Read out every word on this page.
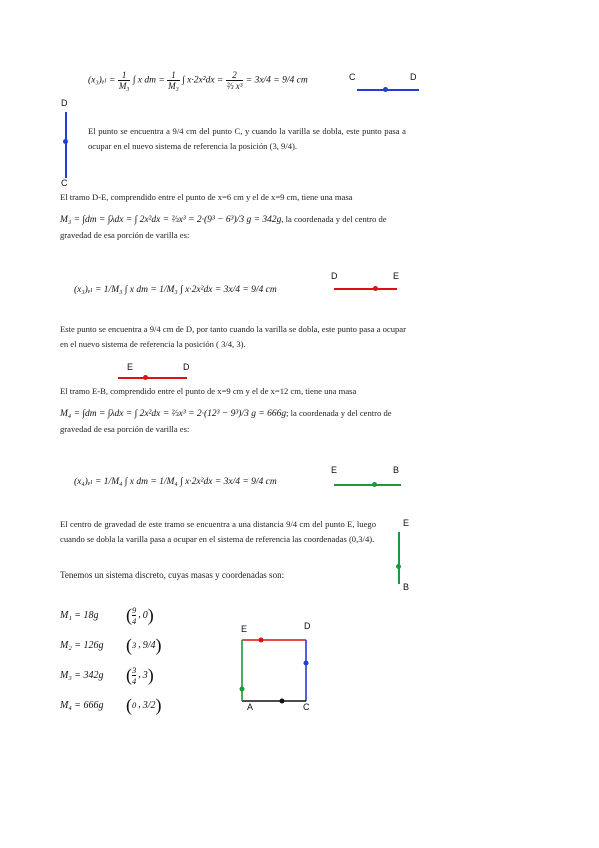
$(x_3)_{el} = \frac{1}{\text{M₃}}$ ∫ x dm = $\frac{1}{\text{M₃}}$ ∫ $x\cdot 2x^2dx = \frac{2}{\text{⅔ x³}} = 3x/4 = 9/4$ cm	C	D
D
C
El punto se encuentra a 9/4 cm del punto C, y cuando la varilla se dobla, este punto pasa a ocupar en el nuevo sistema de referencia la posición (3, 9/4).
El tramo D-E, comprendido entre el punto de x=6 cm y el de x=9 cm, tiene una masa
M₃ = ∫dm = ∫λdx = ∫ 2x²dx = ⅔x³ = 2·(9³ − 6³)/3 g = 342g, la coordenada y del centro de gravedad de esa porción de varilla es:
(x₃)ₑₗ = 1/M₃ ∫ x dm = 1/M₃ ∫ x·2x²dx = 3x/4 = 9/4 cm
D	E
Este punto se encuentra a 9/4 cm de D, por tanto cuando la varilla se dobla, este punto pasa a ocupar en el nuevo sistema de referencia la posición ( 3/4, 3).
E	D
El tramo E-B, comprendido entre el punto de x=9 cm y el de x=12 cm, tiene una masa
M₄ = ∫dm = ∫λdx = ∫ 2x²dx = ⅔x³ = 2·(12³ − 9³)/3 g = 666g; la coordenada y del centro de gravedad de esa porción de varilla es:
(x₄)ₑₗ = 1/M₄ ∫ x dm = 1/M₄ ∫ x·2x²dx = 3x/4 = 9/4 cm
E	B
El centro de gravedad de este tramo se encuentra a una distancia 9/4 cm del punto E, luego cuando se dobla la varilla pasa a ocupar en el sistema de referencia las coordenadas (0,3/4).
E
B
Tenemos un sistema discreto, cuyas masas y coordenadas son:
M₁ = 18g	( $\frac{9}{4}$ , 0)
M₂ = 126g	( 3 , 9/4)
M₃ = 342g	( $\frac{3}{4}$ , 3)
M₄ = 666g	( 0 , 3/2)
E	D
A	C
